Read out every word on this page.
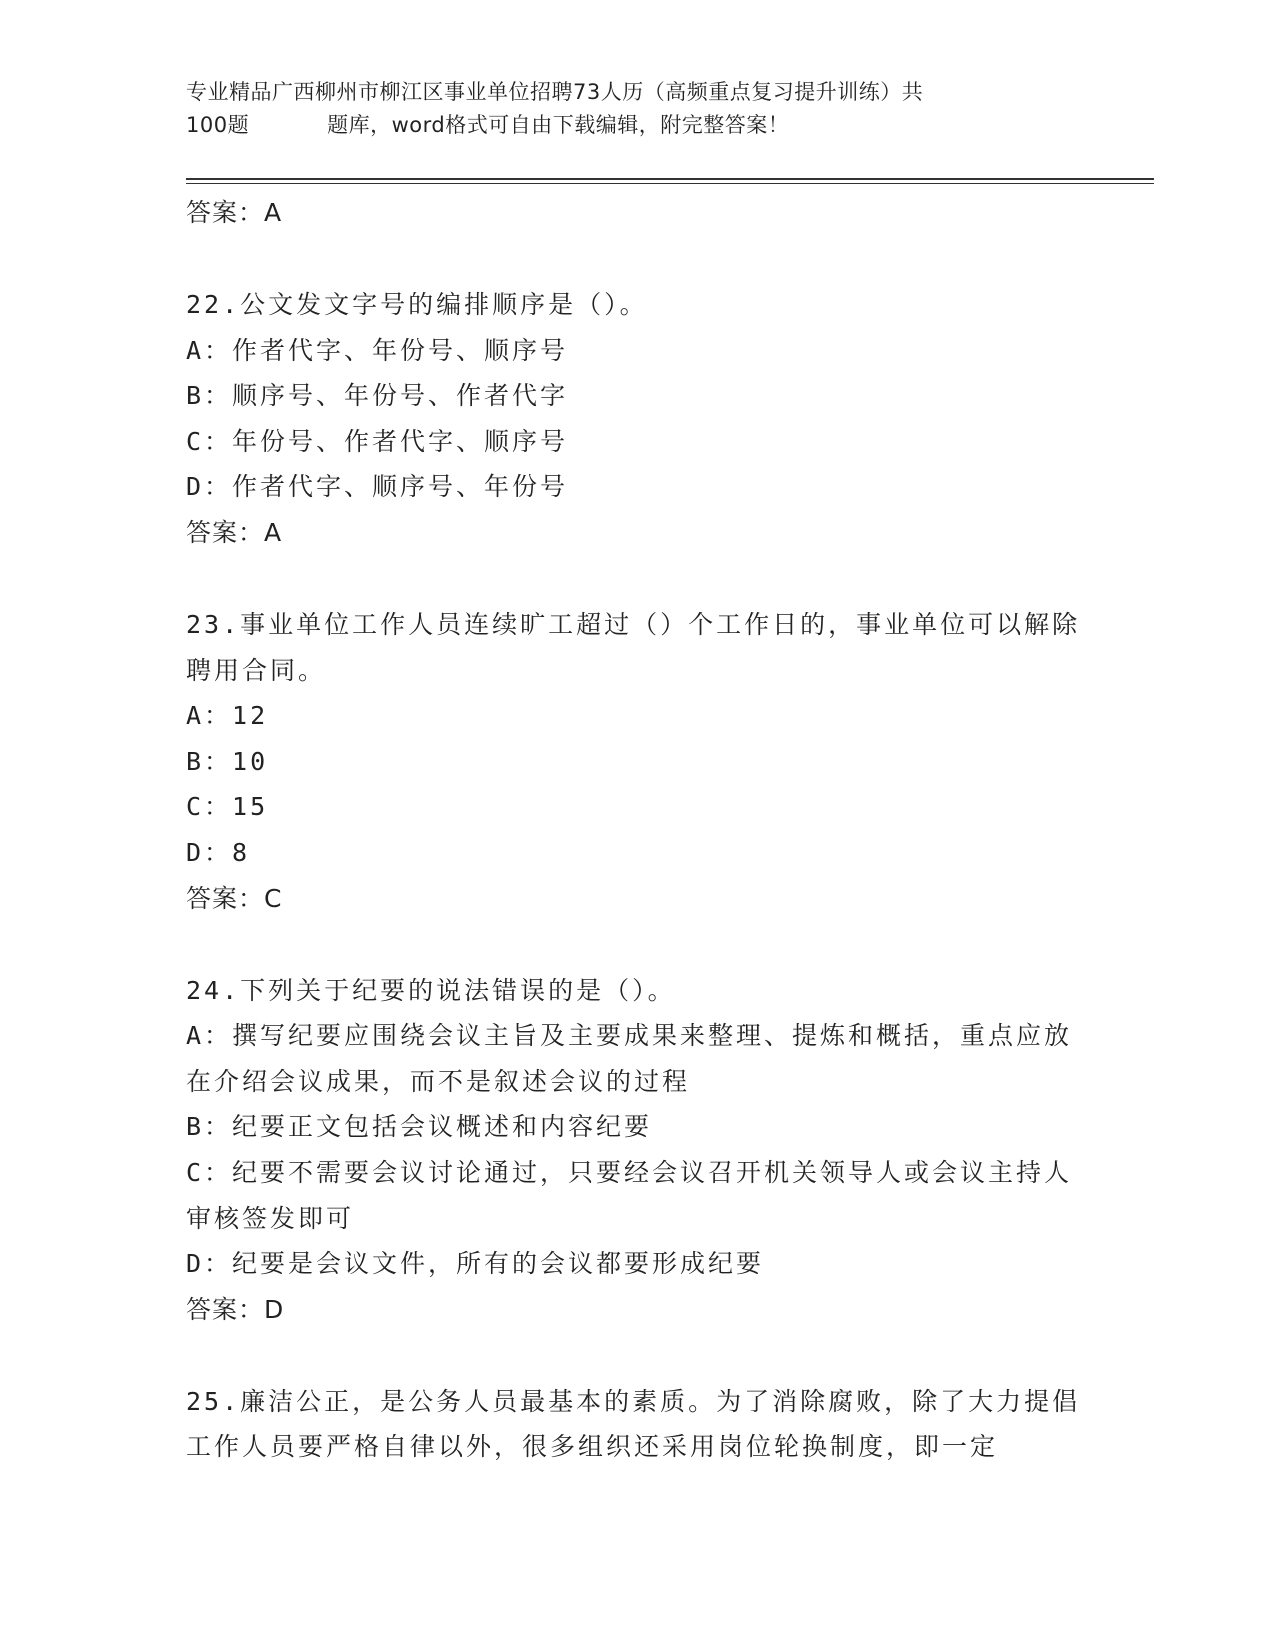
专业精品广西柳州市柳江区事业单位招聘73人历（高频重点复习提升训练）共
100题	题库，word格式可自由下载编辑，附完整答案！
答案：A
22.公文发文字号的编排顺序是（）。
A：作者代字、年份号、顺序号
B：顺序号、年份号、作者代字
C：年份号、作者代字、顺序号
D：作者代字、顺序号、年份号
答案：A
23.事业单位工作人员连续旷工超过（）个工作日的，事业单位可以解除聘用合同。
A：12
B：10
C：15
D：8
答案：C
24.下列关于纪要的说法错误的是（）。
A：撰写纪要应围绕会议主旨及主要成果来整理、提炼和概括，重点应放在介绍会议成果，而不是叙述会议的过程
B：纪要正文包括会议概述和内容纪要
C：纪要不需要会议讨论通过，只要经会议召开机关领导人或会议主持人审核签发即可
D：纪要是会议文件，所有的会议都要形成纪要
答案：D
25.廉洁公正，是公务人员最基本的素质。为了消除腐败，除了大力提倡工作人员要严格自律以外，很多组织还采用岗位轮换制度，即一定
